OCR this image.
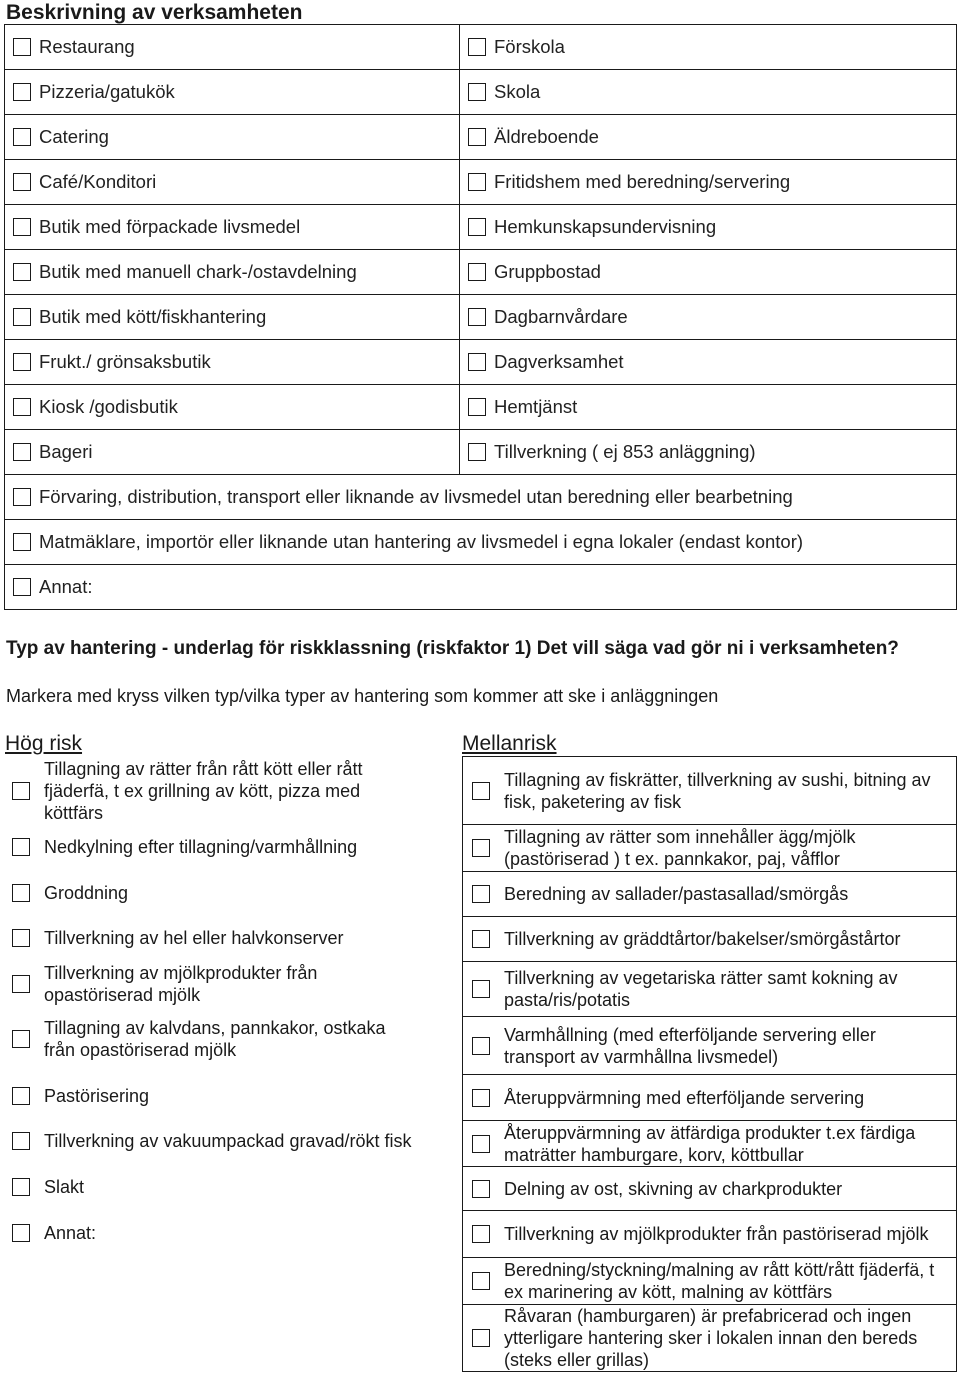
Beskrivning av verksamheten
Restaurang
Pizzeria/gatukök
Catering
Café/Konditori
Butik med förpackade livsmedel
Butik med manuell chark-/ostavdelning
Butik med kött/fiskhantering
Frukt./ grönsaksbutik
Kiosk /godisbutik
Bageri
Förskola
Skola
Äldreboende
Fritidshem med beredning/servering
Hemkunskapsundervisning
Gruppbostad
Dagbarnvårdare
Dagverksamhet
Hemtjänst
Tillverkning ( ej 853 anläggning)
Förvaring, distribution, transport eller liknande av livsmedel utan beredning eller bearbetning
Matmäklare, importör eller liknande utan hantering av livsmedel i egna lokaler (endast kontor)
Annat:
Typ av hantering - underlag för riskklassning (riskfaktor 1) Det vill säga vad gör ni i verksamheten?
Markera med kryss vilken typ/vilka typer av hantering som kommer att ske i anläggningen
Hög risk	Mellanrisk
Tillagning av rätter från rått kött eller rått fjäderfä, t ex grillning av kött, pizza med köttfärs
Nedkylning efter tillagning/varmhållning
Groddning
Tillverkning av hel eller halvkonserver
Tillverkning av mjölkprodukter från opastöriserad mjölk
Tillagning av kalvdans, pannkakor, ostkaka från opastöriserad mjölk
Pastörisering
Tillverkning av vakuumpackad gravad/rökt fisk
Slakt
Annat:
Tillagning av fiskrätter, tillverkning av sushi, bitning av fisk, paketering av fisk
Tillagning av rätter som innehåller ägg/mjölk (pastöriserad ) t ex. pannkakor, paj, våfflor
Beredning av sallader/pastasallad/smörgås
Tillverkning av gräddtårtor/bakelser/smörgåstårtor
Tillverkning av vegetariska rätter samt kokning av pasta/ris/potatis
Varmhållning (med efterföljande servering eller transport av varmhållna livsmedel)
Återuppvärmning med efterföljande servering
Återuppvärmning av ätfärdiga produkter t.ex färdiga maträtter hamburgare, korv, köttbullar
Delning av ost, skivning av charkprodukter
Tillverkning av mjölkprodukter från pastöriserad mjölk
Beredning/styckning/malning av rått kött/rått fjäderfä, t ex marinering av kött, malning av köttfärs
Råvaran (hamburgaren) är prefabricerad och ingen ytterligare hantering sker i lokalen innan den bereds (steks eller grillas)
